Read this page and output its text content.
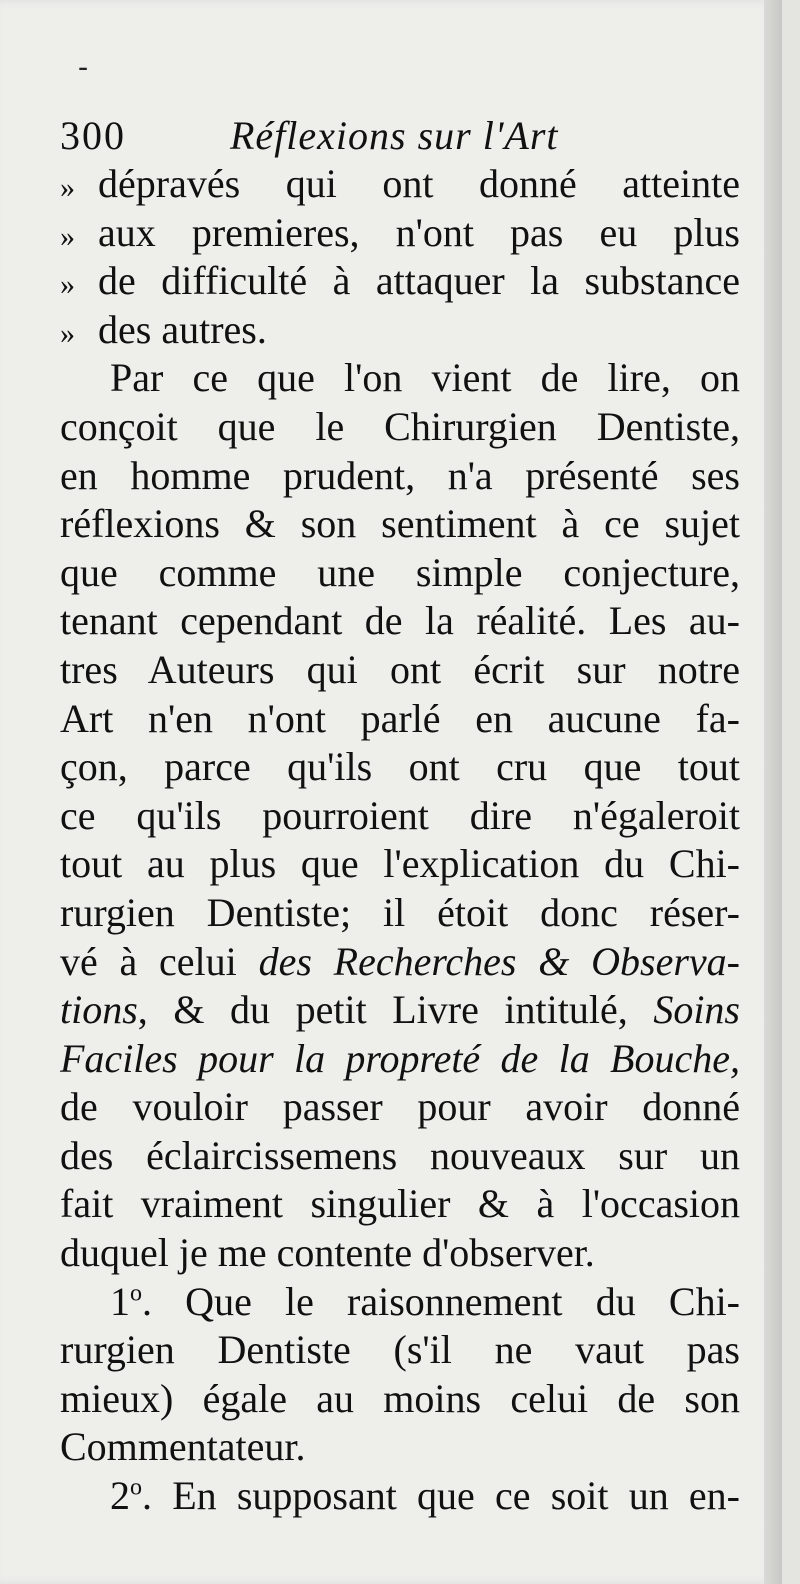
-
300	Réflexions sur l'Art
» dépravés qui ont donné atteinte
» aux premieres, n'ont pas eu plus
» de difficulté à attaquer la substance
» des autres.
Par ce que l'on vient de lire, on
conçoit que le Chirurgien Dentiste,
en homme prudent, n'a présenté ses
réflexions & son sentiment à ce sujet
que comme une simple conjecture,
tenant cependant de la réalité. Les au-
tres Auteurs qui ont écrit sur notre
Art n'en n'ont parlé en aucune fa-
çon, parce qu'ils ont cru que tout
ce qu'ils pourroient dire n'égaleroit
tout au plus que l'explication du Chi-
rurgien Dentiste; il étoit donc réser-
vé à celui des Recherches & Observa-
tions, & du petit Livre intitulé, Soins
Faciles pour la propreté de la Bouche,
de vouloir passer pour avoir donné
des éclaircissemens nouveaux sur un
fait vraiment singulier & à l'occasion
duquel je me contente d'observer.
1$^o$. Que le raisonnement du Chi-
rurgien Dentiste (s'il ne vaut pas
mieux) égale au moins celui de son
Commentateur.
2$^o$. En supposant que ce soit un en-
